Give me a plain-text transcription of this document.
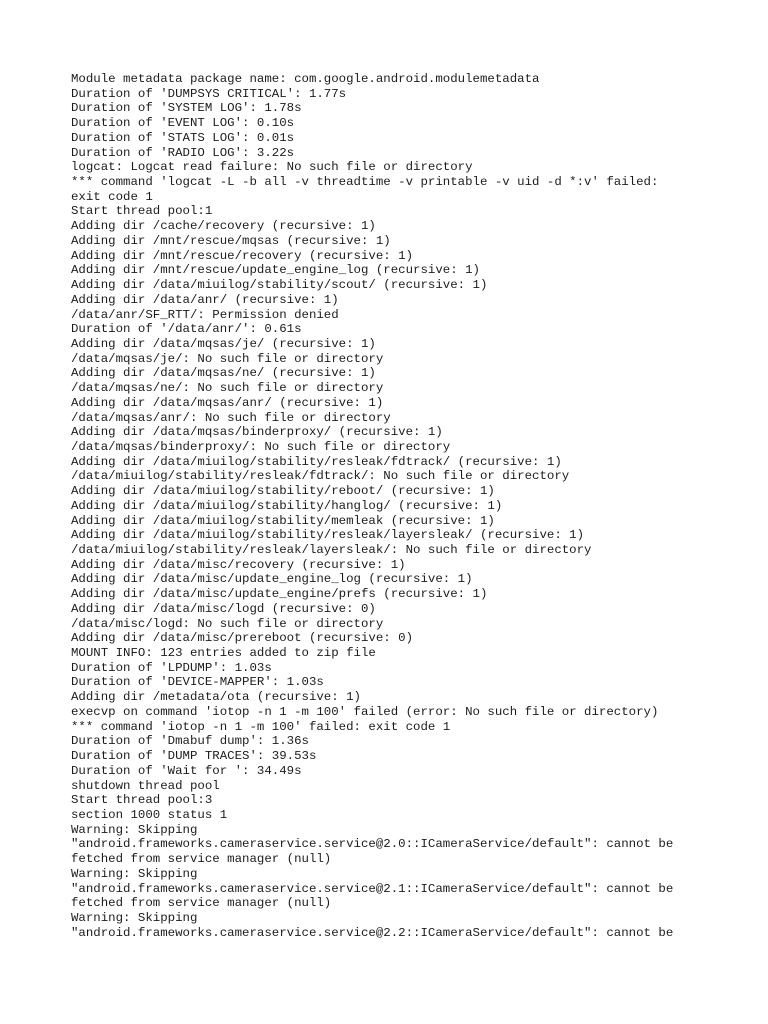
Module metadata package name: com.google.android.modulemetadata
Duration of 'DUMPSYS CRITICAL': 1.77s
Duration of 'SYSTEM LOG': 1.78s
Duration of 'EVENT LOG': 0.10s
Duration of 'STATS LOG': 0.01s
Duration of 'RADIO LOG': 3.22s
logcat: Logcat read failure: No such file or directory
*** command 'logcat -L -b all -v threadtime -v printable -v uid -d *:v' failed:
exit code 1
Start thread pool:1
Adding dir /cache/recovery (recursive: 1)
Adding dir /mnt/rescue/mqsas (recursive: 1)
Adding dir /mnt/rescue/recovery (recursive: 1)
Adding dir /mnt/rescue/update_engine_log (recursive: 1)
Adding dir /data/miuilog/stability/scout/ (recursive: 1)
Adding dir /data/anr/ (recursive: 1)
/data/anr/SF_RTT/: Permission denied
Duration of '/data/anr/': 0.61s
Adding dir /data/mqsas/je/ (recursive: 1)
/data/mqsas/je/: No such file or directory
Adding dir /data/mqsas/ne/ (recursive: 1)
/data/mqsas/ne/: No such file or directory
Adding dir /data/mqsas/anr/ (recursive: 1)
/data/mqsas/anr/: No such file or directory
Adding dir /data/mqsas/binderproxy/ (recursive: 1)
/data/mqsas/binderproxy/: No such file or directory
Adding dir /data/miuilog/stability/resleak/fdtrack/ (recursive: 1)
/data/miuilog/stability/resleak/fdtrack/: No such file or directory
Adding dir /data/miuilog/stability/reboot/ (recursive: 1)
Adding dir /data/miuilog/stability/hanglog/ (recursive: 1)
Adding dir /data/miuilog/stability/memleak (recursive: 1)
Adding dir /data/miuilog/stability/resleak/layersleak/ (recursive: 1)
/data/miuilog/stability/resleak/layersleak/: No such file or directory
Adding dir /data/misc/recovery (recursive: 1)
Adding dir /data/misc/update_engine_log (recursive: 1)
Adding dir /data/misc/update_engine/prefs (recursive: 1)
Adding dir /data/misc/logd (recursive: 0)
/data/misc/logd: No such file or directory
Adding dir /data/misc/prereboot (recursive: 0)
MOUNT INFO: 123 entries added to zip file
Duration of 'LPDUMP': 1.03s
Duration of 'DEVICE-MAPPER': 1.03s
Adding dir /metadata/ota (recursive: 1)
execvp on command 'iotop -n 1 -m 100' failed (error: No such file or directory)
*** command 'iotop -n 1 -m 100' failed: exit code 1
Duration of 'Dmabuf dump': 1.36s
Duration of 'DUMP TRACES': 39.53s
Duration of 'Wait for ': 34.49s
shutdown thread pool
Start thread pool:3
section 1000 status 1
Warning: Skipping
"android.frameworks.cameraservice.service@2.0::ICameraService/default": cannot be
fetched from service manager (null)
Warning: Skipping
"android.frameworks.cameraservice.service@2.1::ICameraService/default": cannot be
fetched from service manager (null)
Warning: Skipping
"android.frameworks.cameraservice.service@2.2::ICameraService/default": cannot be
